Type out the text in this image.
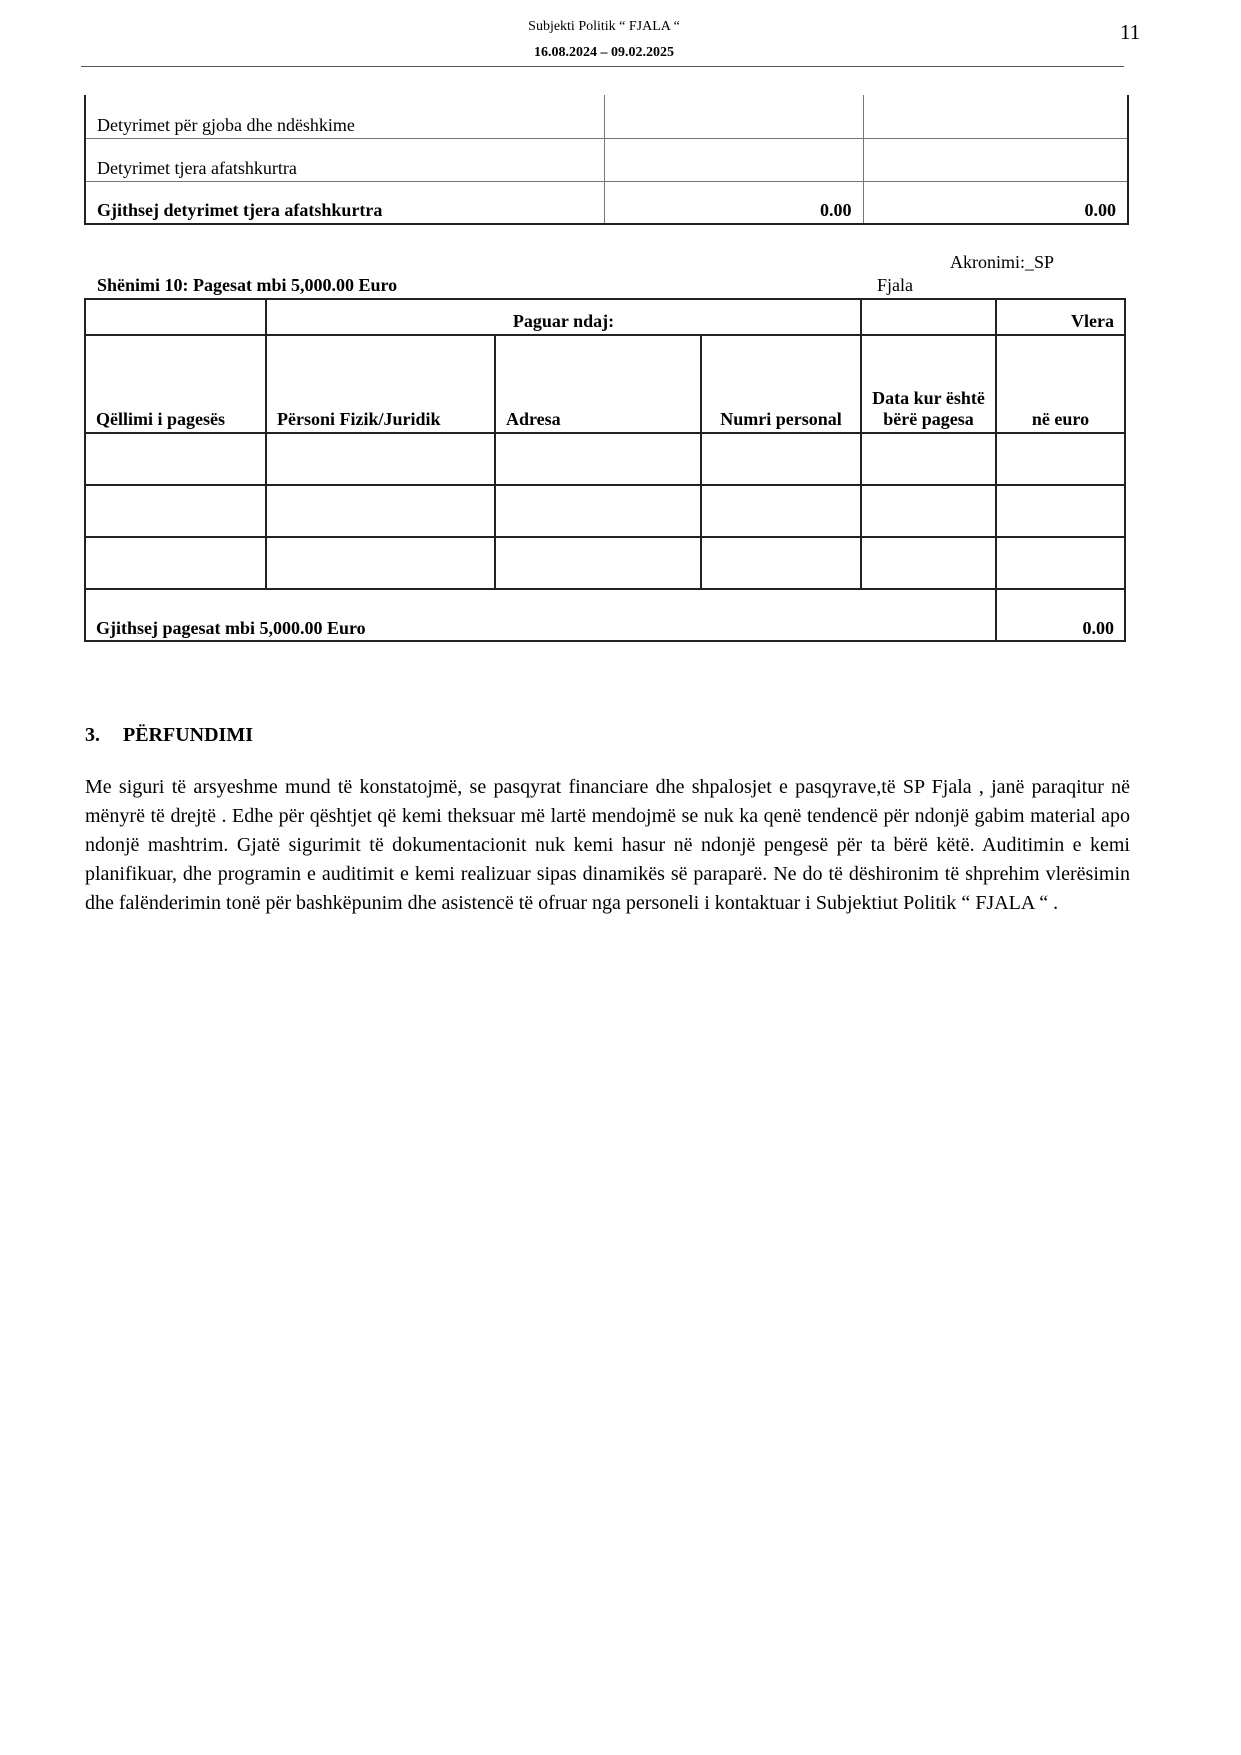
Subjekti Politik “ FJALA “
16.08.2024 – 09.02.2025
11
Detyrimet për gjoba dhe ndëshkime		
Detyrimet tjera afatshkurtra		
Gjithsej detyrimet tjera afatshkurtra	0.00	0.00
Akronimi:_SP
Shënimi 10: Pagesat mbi 5,000.00 Euro	Fjala
	Paguar ndaj:				Vlera
Qëllimi i pagesës	Përsoni Fizik/Juridik	Adresa	Numri personal	Data kur është bërë pagesa	në euro

Gjithsej pagesat mbi 5,000.00 Euro					0.00
3. PËRFUNDIMI

Me siguri të arsyeshme mund të konstatojmë, se pasqyrat financiare dhe shpalosjet e pasqyrave,të SP Fjala , janë paraqitur në mënyrë të drejtë . Edhe për qështjet që kemi theksuar më lartë mendojmë se nuk ka qenë tendencë për ndonjë gabim material apo ndonjë mashtrim. Gjatë sigurimit të dokumentacionit nuk kemi hasur në ndonjë pengesë për ta bërë këtë. Auditimin e kemi planifikuar, dhe programin e auditimit e kemi realizuar sipas dinamikës së paraparë. Ne do të dëshironim të shprehim vlerësimin dhe falënderimin tonë për bashkëpunim dhe asistencë të ofruar nga personeli i kontaktuar i Subjektiut Politik “ FJALA “ .
